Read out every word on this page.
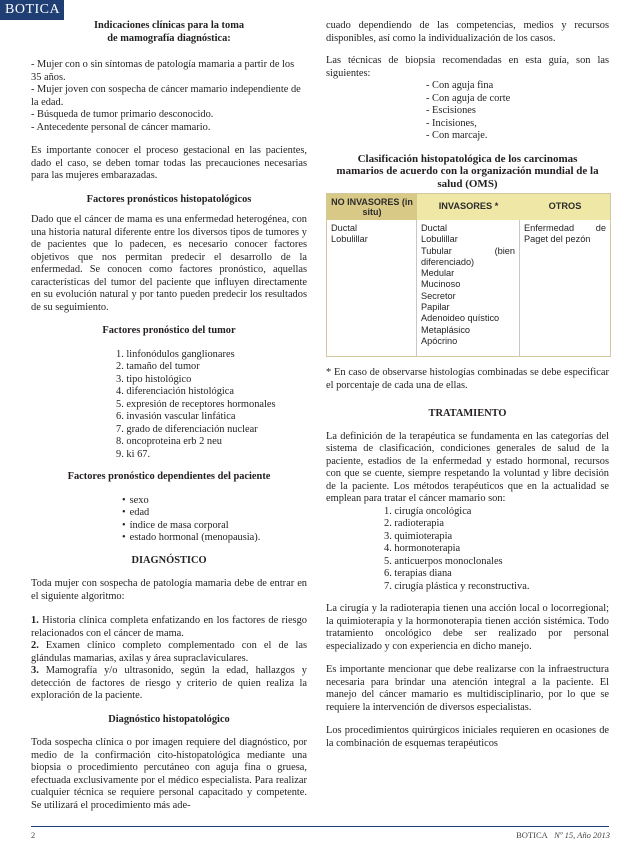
BOTICA

Indicaciones clínicas para la toma

de mamografía diagnóstica:

- Mujer con o sin síntomas de patología mamaria a partir de los 35 años.

- Mujer joven con sospecha de cáncer mamario independiente de la edad.

- Búsqueda de tumor primario desconocido.

- Antecedente personal de cáncer mamario.

Es importante conocer el proceso gestacional en las pacientes, dado el caso, se deben tomar todas las precauciones necesarias para las mujeres embarazadas.

Factores pronósticos histopatológicos

Dado que el cáncer de mama es una enfermedad heterogénea, con una historia natural diferente entre los diversos tipos de tumores y de pacientes que lo padecen, es necesario conocer factores objetivos que nos permitan predecir el desarrollo de la enfermedad. Se conocen como factores pronóstico, aquellas características del tumor del paciente que influyen directamente en su evolución natural y por tanto pueden predecir los resultados de su seguimiento.

Factores pronóstico del tumor

1. linfonódulos ganglionares
2. tamaño del tumor
3. tipo histológico
4. diferenciación histológica
5. expresión de receptores hormonales
6. invasión vascular linfática
7. grado de diferenciación nuclear
8. oncoproteina erb 2 neu
9. ki 67.

Factores pronóstico dependientes del paciente

• sexo
• edad
• índice de masa corporal
• estado hormonal (menopausia).

DIAGNÓSTICO

Toda mujer con sospecha de patología mamaria debe de entrar en el siguiente algoritmo:

1. Historia clínica completa enfatizando en los factores de riesgo relacionados con el cáncer de mama.

2. Examen clínico completo complementado con el de las glándulas mamarias, axilas y área supraclaviculares.

3. Mamografía y/o ultrasonido, según la edad, hallazgos y detección de factores de riesgo y criterio de quien realiza la exploración de la paciente.

Diagnóstico histopatológico

Toda sospecha clínica o por imagen requiere del diagnóstico, por medio de la confirmación cito-histopatológica mediante una biopsia o procedimiento percutáneo con aguja fina o gruesa, efectuada exclusivamente por el médico especialista. Para realizar cualquier técnica se requiere personal capacitado y competente. Se utilizará el procedimiento más ade-

cuado dependiendo de las competencias, medios y recursos disponibles, así como la individualización de los casos.

Las técnicas de biopsia recomendadas en esta guía, son las siguientes:

- Con aguja fina
- Con aguja de corte
- Escisiones
- Incisiones,
- Con marcaje.

Clasificación histopatológica de los carcinomas mamarios de acuerdo con la organización mundial de la salud (OMS)

NO INVASORES (in situ)
INVASORES *	OTROS
Ductal
Lobulillar
Ductal
Lobulillar
Tubular (bien diferenciado)
Medular
Mucinoso
Secretor
Papilar
Adenoideo quístico
Metaplásico
Apócrino
Enfermedad de Paget del pezón

* En caso de observarse histologías combinadas se debe especificar el porcentaje de cada una de ellas.

TRATAMIENTO

La definición de la terapéutica se fundamenta en las categorías del sistema de clasificación, condiciones generales de salud de la paciente, estadios de la enfermedad y estado hormonal, recursos con que se cuente, siempre respetando la voluntad y libre decisión de la paciente. Los métodos terapéuticos que en la actualidad se emplean para tratar el cáncer mamario son:

1. cirugía oncológica
2. radioterapia
3. quimioterapia
4. hormonoterapia
5. anticuerpos monoclonales
6. terapias diana
7. cirugía plástica y reconstructiva.

La cirugía y la radioterapia tienen una acción local o locorregional; la quimioterapia y la hormonoterapia tienen acción sistémica. Todo tratamiento oncológico debe ser realizado por personal especializado y con experiencia en dicho manejo.

Es importante mencionar que debe realizarse con la infraestructura necesaria para brindar una atención integral a la paciente. El manejo del cáncer mamario es multidisciplinario, por lo que se requiere la intervención de diversos especialistas.

Los procedimientos quirúrgicos iniciales requieren en ocasiones de la combinación de esquemas terapéuticos

2	BOTICA Nº 15, Año 2013
